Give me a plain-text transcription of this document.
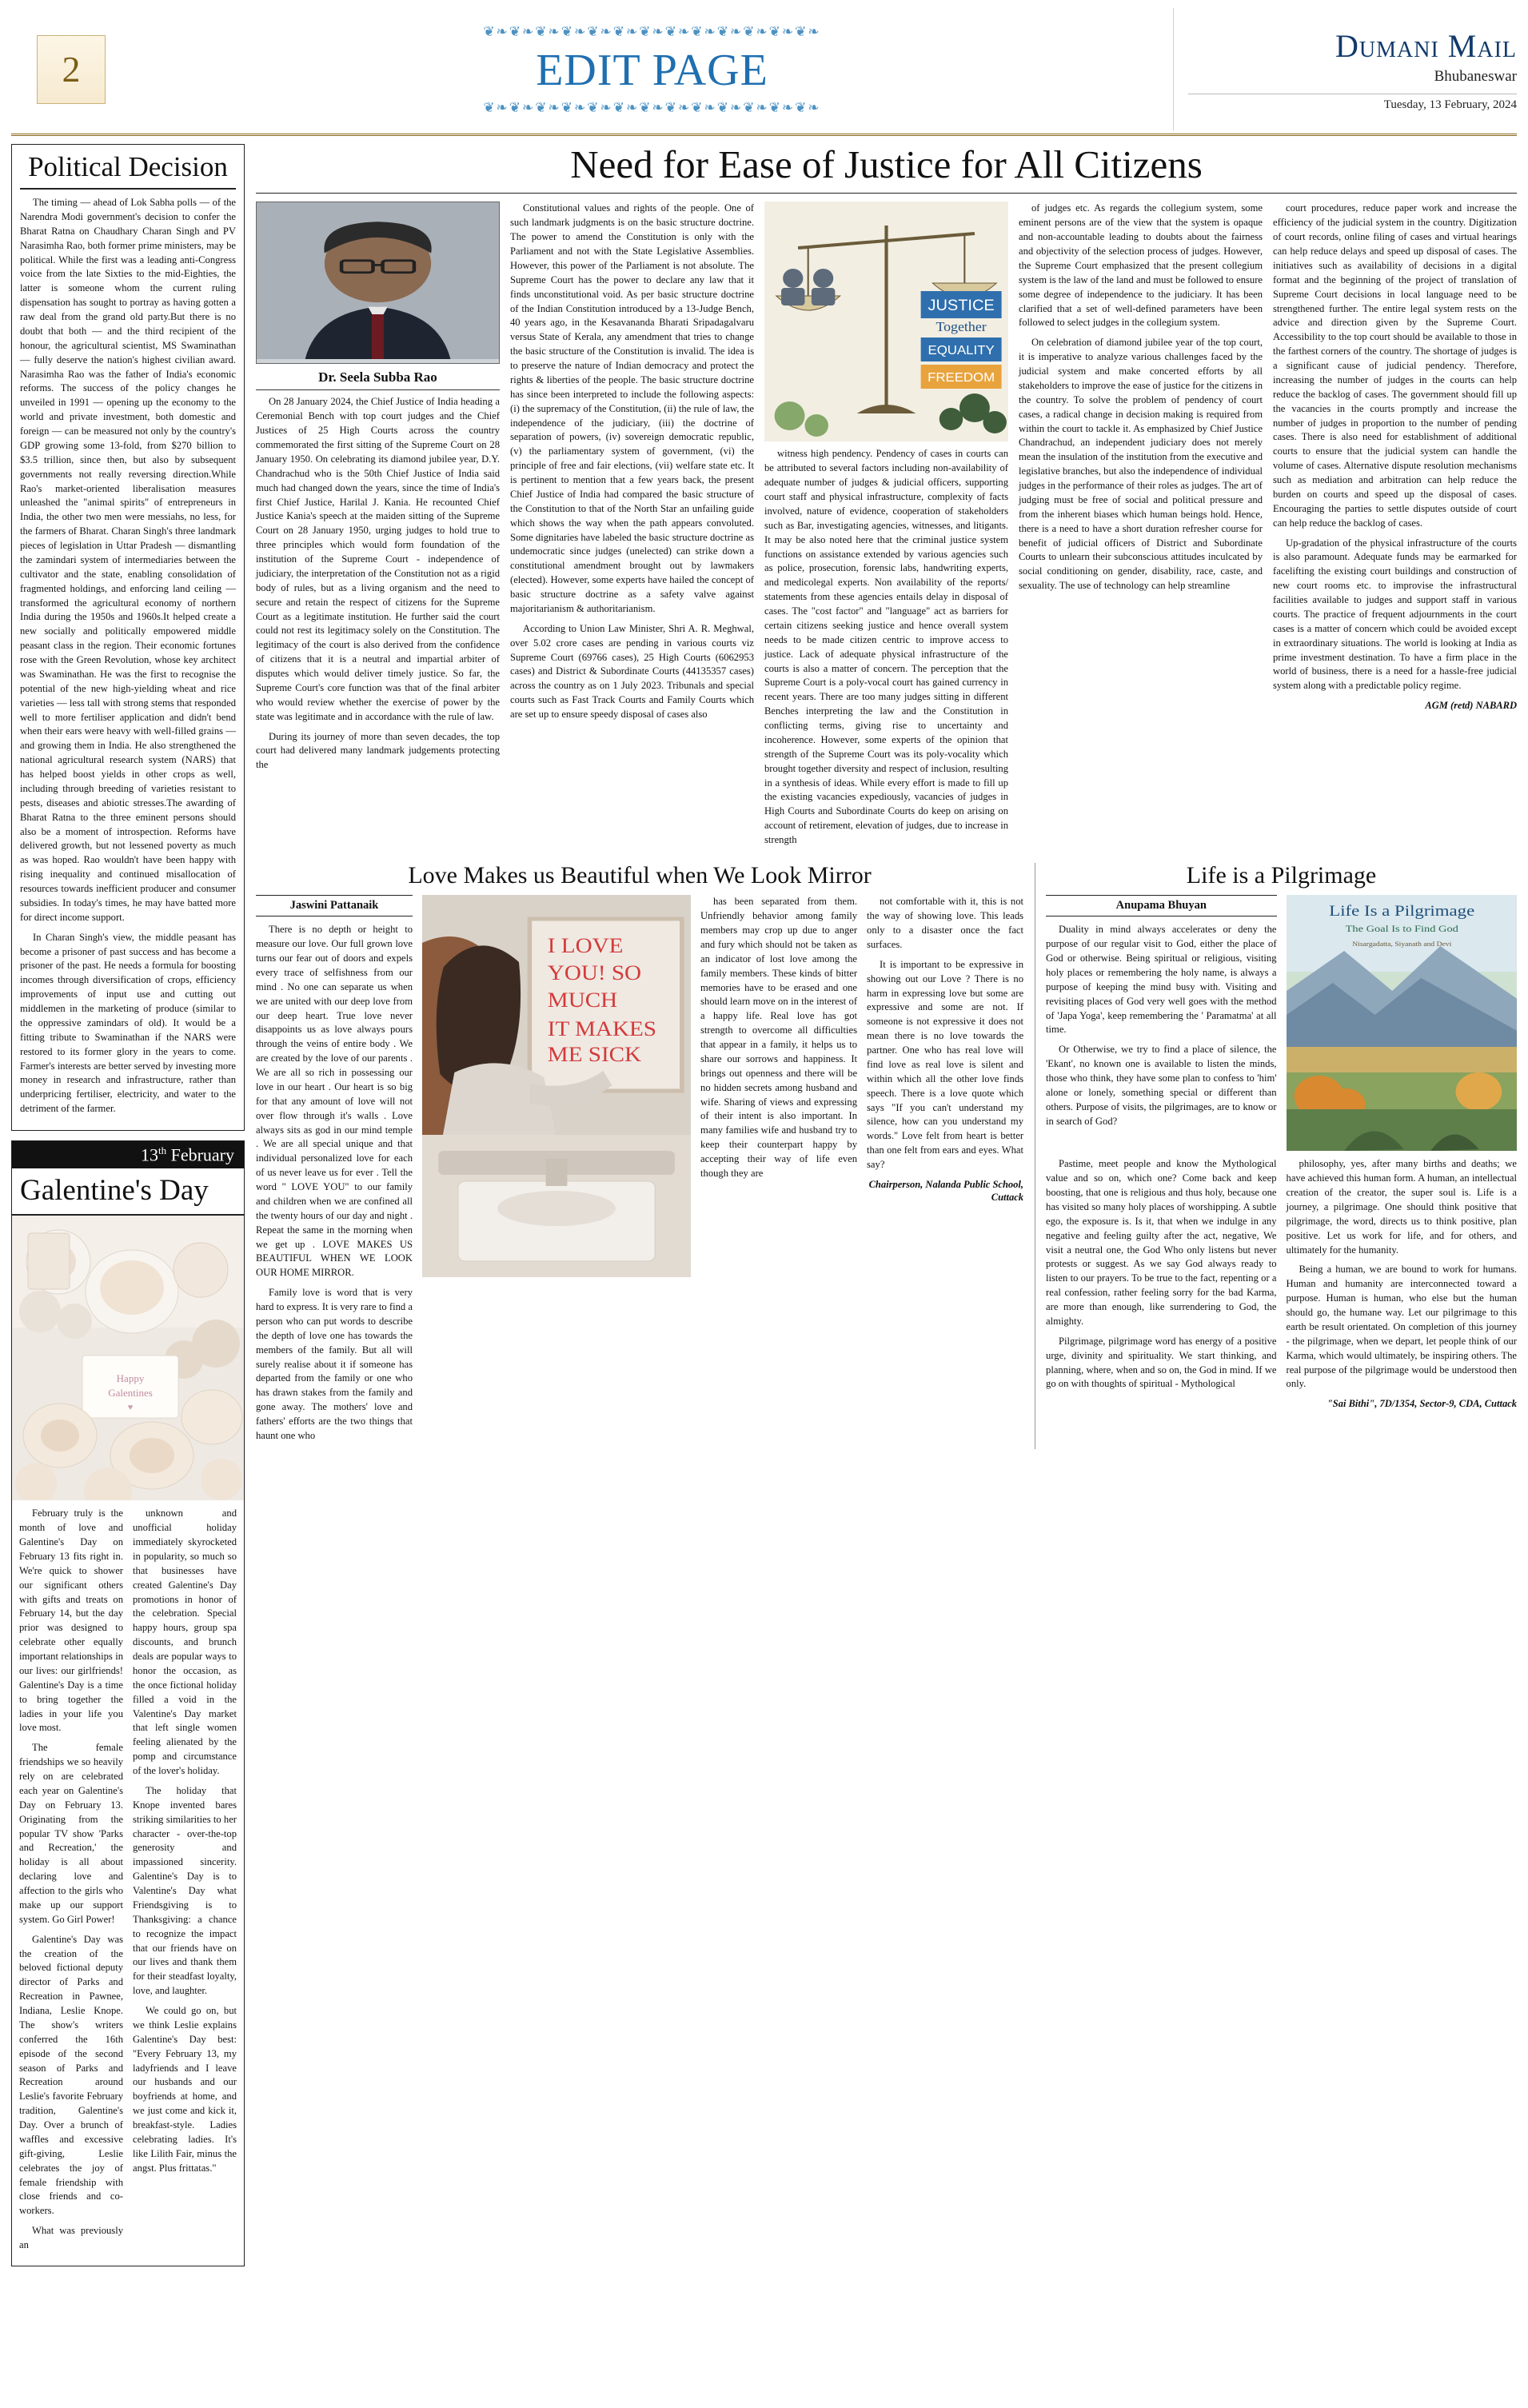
2
❦❧❦❧❦❧❦❧❦❧❦❧❦❧❦❧❦❧❦❧❦❧❦❧❦❧
EDIT PAGE
❦❧❦❧❦❧❦❧❦❧❦❧❦❧❦❧❦❧❦❧❦❧❦❧❦❧
Dumani Mail
Bhubaneswar
Tuesday, 13 February, 2024
Political Decision

The timing — ahead of Lok Sabha polls — of the Narendra Modi government's decision to confer the Bharat Ratna on Chaudhary Charan Singh and PV Narasimha Rao, both former prime ministers, may be political. While the first was a leading anti-Congress voice from the late Sixties to the mid-Eighties, the latter is someone whom the current ruling dispensation has sought to portray as having gotten a raw deal from the grand old party.But there is no doubt that both — and the third recipient of the honour, the agricultural scientist, MS Swaminathan — fully deserve the nation's highest civilian award. Narasimha Rao was the father of India's economic reforms. The success of the policy changes he unveiled in 1991 — opening up the economy to the world and private investment, both domestic and foreign — can be measured not only by the country's GDP growing some 13-fold, from $270 billion to $3.5 trillion, since then, but also by subsequent governments not really reversing direction.While Rao's market-oriented liberalisation measures unleashed the "animal spirits" of entrepreneurs in India, the other two men were messiahs, no less, for the farmers of Bharat. Charan Singh's three landmark pieces of legislation in Uttar Pradesh — dismantling the zamindari system of intermediaries between the cultivator and the state, enabling consolidation of fragmented holdings, and enforcing land ceiling — transformed the agricultural economy of northern India during the 1950s and 1960s.It helped create a new socially and politically empowered middle peasant class in the region. Their economic fortunes rose with the Green Revolution, whose key architect was Swaminathan. He was the first to recognise the potential of the new high-yielding wheat and rice varieties — less tall with strong stems that responded well to more fertiliser application and didn't bend when their ears were heavy with well-filled grains — and growing them in India. He also strengthened the national agricultural research system (NARS) that has helped boost yields in other crops as well, including through breeding of varieties resistant to pests, diseases and abiotic stresses.The awarding of Bharat Ratna to the three eminent persons should also be a moment of introspection. Reforms have delivered growth, but not lessened poverty as much as was hoped. Rao wouldn't have been happy with rising inequality and continued misallocation of resources towards inefficient producer and consumer subsidies. In today's times, he may have batted more for direct income support.

In Charan Singh's view, the middle peasant has become a prisoner of past success and has become a prisoner of the past. He needs a formula for boosting incomes through diversification of crops, efficiency improvements of input use and cutting out middlemen in the marketing of produce (similar to the oppressive zamindars of old). It would be a fitting tribute to Swaminathan if the NARS were restored to its former glory in the years to come. Farmer's interests are better served by investing more money in research and infrastructure, rather than underpricing fertiliser, electricity, and water to the detriment of the farmer.

13th February
Galentine's Day
Happy
Galentines
♥

February truly is the month of love and Galentine's Day on February 13 fits right in. We're quick to shower our significant others with gifts and treats on February 14, but the day prior was designed to celebrate other equally important relationships in our lives: our girlfriends! Galentine's Day is a time to bring together the ladies in your life you love most.

The female friendships we so heavily rely on are celebrated each year on Galentine's Day on February 13. Originating from the popular TV show 'Parks and Recreation,' the holiday is all about declaring love and affection to the girls who make up our support system. Go Girl Power!

Galentine's Day was the creation of the beloved fictional deputy director of Parks and Recreation in Pawnee, Indiana, Leslie Knope. The show's writers conferred the 16th episode of the second season of Parks and Recreation around Leslie's favorite February tradition, Galentine's Day. Over a brunch of waffles and excessive gift-giving, Leslie celebrates the joy of female friendship with close friends and co-workers.

What was previously an

unknown and unofficial holiday immediately skyrocketed in popularity, so much so that businesses have created Galentine's Day promotions in honor of the celebration. Special happy hours, group spa discounts, and brunch deals are popular ways to honor the occasion, as the once fictional holiday filled a void in the Valentine's Day market that left single women feeling alienated by the pomp and circumstance of the lover's holiday.

The holiday that Knope invented bares striking similarities to her character - over-the-top generosity and impassioned sincerity. Galentine's Day is to Valentine's Day what Friendsgiving is to Thanksgiving: a chance to recognize the impact that our friends have on our lives and thank them for their steadfast loyalty, love, and laughter.

We could go on, but we think Leslie explains Galentine's Day best: "Every February 13, my ladyfriends and I leave our husbands and our boyfriends at home, and we just come and kick it, breakfast-style. Ladies celebrating ladies. It's like Lilith Fair, minus the angst. Plus frittatas."

Need for Ease of Justice for All Citizens
Dr. Seela Subba Rao

On 28 January 2024, the Chief Justice of India heading a Ceremonial Bench with top court judges and the Chief Justices of 25 High Courts across the country commemorated the first sitting of the Supreme Court on 28 January 1950. On celebrating its diamond jubilee year, D.Y. Chandrachud who is the 50th Chief Justice of India said much had changed down the years, since the time of India's first Chief Justice, Harilal J. Kania. He recounted Chief Justice Kania's speech at the maiden sitting of the Supreme Court on 28 January 1950, urging judges to hold true to three principles which would form foundation of the institution of the Supreme Court - independence of judiciary, the interpretation of the Constitution not as a rigid body of rules, but as a living organism and the need to secure and retain the respect of citizens for the Supreme Court as a legitimate institution. He further said the court could not rest its legitimacy solely on the Constitution. The legitimacy of the court is also derived from the confidence of citizens that it is a neutral and impartial arbiter of disputes which would deliver timely justice. So far, the Supreme Court's core function was that of the final arbiter who would review whether the exercise of power by the state was legitimate and in accordance with the rule of law.

During its journey of more than seven decades, the top court had delivered many landmark judgements protecting the

Constitutional values and rights of the people. One of such landmark judgments is on the basic structure doctrine. The power to amend the Constitution is only with the Parliament and not with the State Legislative Assemblies. However, this power of the Parliament is not absolute. The Supreme Court has the power to declare any law that it finds unconstitutional void. As per basic structure doctrine of the Indian Constitution introduced by a 13-Judge Bench, 40 years ago, in the Kesavananda Bharati Sripadagalvaru versus State of Kerala, any amendment that tries to change the basic structure of the Constitution is invalid. The idea is to preserve the nature of Indian democracy and protect the rights & liberties of the people. The basic structure doctrine has since been interpreted to include the following aspects: (i) the supremacy of the Constitution, (ii) the rule of law, the independence of the judiciary, (iii) the doctrine of separation of powers, (iv) sovereign democratic republic, (v) the parliamentary system of government, (vi) the principle of free and fair elections, (vii) welfare state etc. It is pertinent to mention that a few years back, the present Chief Justice of India had compared the basic structure of the Constitution to that of the North Star an unfailing guide which shows the way when the path appears convoluted. Some dignitaries have labeled the basic structure doctrine as undemocratic since judges (unelected) can strike down a constitutional amendment brought out by lawmakers (elected). However, some experts have hailed the concept of basic structure doctrine as a safety valve against majoritarianism & authoritarianism.

According to Union Law Minister, Shri A. R. Meghwal, over 5.02 crore cases are pending in various courts viz Supreme Court (69766 cases), 25 High Courts (6062953 cases) and District & Subordinate Courts (44135357 cases) across the country as on 1 July 2023. Tribunals and special courts such as Fast Track Courts and Family Courts which are set up to ensure speedy disposal of cases also

JUSTICE
Together
EQUALITY
FREEDOM

witness high pendency. Pendency of cases in courts can be attributed to several factors including non-availability of adequate number of judges & judicial officers, supporting court staff and physical infrastructure, complexity of facts involved, nature of evidence, cooperation of stakeholders such as Bar, investigating agencies, witnesses, and litigants. It may be also noted here that the criminal justice system functions on assistance extended by various agencies such as police, prosecution, forensic labs, handwriting experts, and medicolegal experts. Non availability of the reports/ statements from these agencies entails delay in disposal of cases. The "cost factor" and "language" act as barriers for certain citizens seeking justice and hence overall system needs to be made citizen centric to improve access to justice. Lack of adequate physical infrastructure of the courts is also a matter of concern. The perception that the Supreme Court is a poly-vocal court has gained currency in recent years. There are too many judges sitting in different Benches interpreting the law and the Constitution in conflicting terms, giving rise to uncertainty and incoherence. However, some experts of the opinion that strength of the Supreme Court was its poly-vocality which brought together diversity and respect of inclusion, resulting in a synthesis of ideas. While every effort is made to fill up the existing vacancies expediously, vacancies of judges in High Courts and Subordinate Courts do keep on arising on account of retirement, elevation of judges, due to increase in strength

of judges etc. As regards the collegium system, some eminent persons are of the view that the system is opaque and non-accountable leading to doubts about the fairness and objectivity of the selection process of judges. However, the Supreme Court emphasized that the present collegium system is the law of the land and must be followed to ensure some degree of independence to the judiciary. It has been clarified that a set of well-defined parameters have been followed to select judges in the collegium system.

On celebration of diamond jubilee year of the top court, it is imperative to analyze various challenges faced by the judicial system and make concerted efforts by all stakeholders to improve the ease of justice for the citizens in the country. To solve the problem of pendency of court cases, a radical change in decision making is required from within the court to tackle it. As emphasized by Chief Justice Chandrachud, an independent judiciary does not merely mean the insulation of the institution from the executive and legislative branches, but also the independence of individual judges in the performance of their roles as judges. The art of judging must be free of social and political pressure and from the inherent biases which human beings hold. Hence, there is a need to have a short duration refresher course for benefit of judicial officers of District and Subordinate Courts to unlearn their subconscious attitudes inculcated by social conditioning on gender, disability, race, caste, and sexuality. The use of technology can help streamline

court procedures, reduce paper work and increase the efficiency of the judicial system in the country. Digitization of court records, online filing of cases and virtual hearings can help reduce delays and speed up disposal of cases. The initiatives such as availability of decisions in a digital format and the beginning of the project of translation of Supreme Court decisions in local language need to be strengthened further. The entire legal system rests on the advice and direction given by the Supreme Court. Accessibility to the top court should be available to those in the farthest corners of the country. The shortage of judges is a significant cause of judicial pendency. Therefore, increasing the number of judges in the courts can help reduce the backlog of cases. The government should fill up the vacancies in the courts promptly and increase the number of judges in proportion to the number of pending cases. There is also need for establishment of additional courts to ensure that the judicial system can handle the volume of cases. Alternative dispute resolution mechanisms such as mediation and arbitration can help reduce the burden on courts and speed up the disposal of cases. Encouraging the parties to settle disputes outside of court can help reduce the backlog of cases.

Up-gradation of the physical infrastructure of the courts is also paramount. Adequate funds may be earmarked for facelifting the existing court buildings and construction of new court rooms etc. to improvise the infrastructural facilities available to judges and support staff in various courts. The practice of frequent adjournments in the court cases is a matter of concern which could be avoided except in extraordinary situations. The world is looking at India as prime investment destination. To have a firm place in the world of business, there is a need for a hassle-free judicial system along with a predictable policy regime.

AGM (retd) NABARD
Love Makes us Beautiful when We Look Mirror
Jaswini Pattanaik

There is no depth or height to measure our love. Our full grown love turns our fear out of doors and expels every trace of selfishness from our mind . No one can separate us when we are united with our deep love from our deep heart. True love never disappoints us as love always pours through the veins of entire body . We are created by the love of our parents . We are all so rich in possessing our love in our heart . Our heart is so big for that any amount of love will not over flow through it's walls . Love always sits as god in our mind temple . We are all special unique and that individual personalized love for each of us never leave us for ever . Tell the word " LOVE YOU" to our family and children when we are confined all the twenty hours of our day and night . Repeat the same in the morning when we get up . LOVE MAKES US BEAUTIFUL WHEN WE LOOK OUR HOME MIRROR.

Family love is word that is very hard to express. It is very rare to find a person who can put words to describe the depth of love one has towards the members of the family. But all will surely realise about it if someone has departed from the family or one who has drawn stakes from the family and gone away. The mothers' love and fathers' efforts are the two things that haunt one who

I LOVE
YOU! SO
MUCH
IT MAKES
ME SICK

has been separated from them. Unfriendly behavior among family members may crop up due to anger and fury which should not be taken as an indicator of lost love among the family members. These kinds of bitter memories have to be erased and one should learn move on in the interest of a happy life. Real love has got strength to overcome all difficulties that appear in a family, it helps us to share our sorrows and happiness. It brings out openness and there will be no hidden secrets among husband and wife. Sharing of views and expressing of their intent is also important. In many families wife and husband try to keep their counterpart happy by accepting their way of life even though they are

not comfortable with it, this is not the way of showing love. This leads only to a disaster once the fact surfaces.

It is important to be expressive in showing out our Love ? There is no harm in expressing love but some are expressive and some are not. If someone is not expressive it does not mean there is no love towards the partner. One who has real love will find love as real love is silent and within which all the other love finds speech. There is a love quote which says "If you can't understand my silence, how can you understand my words." Love felt from heart is better than one felt from ears and eyes. What say?

Chairperson, Nalanda Public School, Cuttack
Life is a Pilgrimage
Anupama Bhuyan

Duality in mind always accelerates or deny the purpose of our regular visit to God, either the place of God or otherwise. Being spiritual or religious, visiting holy places or remembering the holy name, is always a purpose of keeping the mind busy with. Visiting and revisiting places of God very well goes with the method of 'Japa Yoga', keep remembering the ' Paramatma' at all time.

Or Otherwise, we try to find a place of silence, the 'Ekant', no known one is available to listen the minds, those who think, they have some plan to confess to 'him' alone or lonely, something special or different than others. Purpose of visits, the pilgrimages, are to know or in search of God?

Life Is a Pilgrimage
The Goal Is to Find God
Nisargadatta, Siyanath and Devi

Pastime, meet people and know the Mythological value and so on, which one? Come back and keep boosting, that one is religious and thus holy, because one has visited so many holy places of worshipping. A subtle ego, the exposure is. Is it, that when we indulge in any negative and feeling guilty after the act, negative, We visit a neutral one, the God Who only listens but never protests or suggest. As we say God always ready to listen to our prayers. To be true to the fact, repenting or a real confession, rather feeling sorry for the bad Karma, are more than enough, like surrendering to God, the almighty.

Pilgrimage, pilgrimage word has energy of a positive urge, divinity and spirituality. We start thinking, and planning, where, when and so on, the God in mind. If we go on with thoughts of spiritual - Mythological

philosophy, yes, after many births and deaths; we have achieved this human form. A human, an intellectual creation of the creator, the super soul is. Life is a journey, a pilgrimage. One should think positive that pilgrimage, the word, directs us to think positive, plan positive. Let us work for life, and for others, and ultimately for the humanity.

Being a human, we are bound to work for humans. Human and humanity are interconnected toward a purpose. Human is human, who else but the human should go, the humane way. Let our pilgrimage to this earth be result orientated. On completion of this journey - the pilgrimage, when we depart, let people think of our Karma, which would ultimately, be inspiring others. The real purpose of the pilgrimage would be understood then only.

"Sai Bithi", 7D/1354, Sector-9, CDA, Cuttack
